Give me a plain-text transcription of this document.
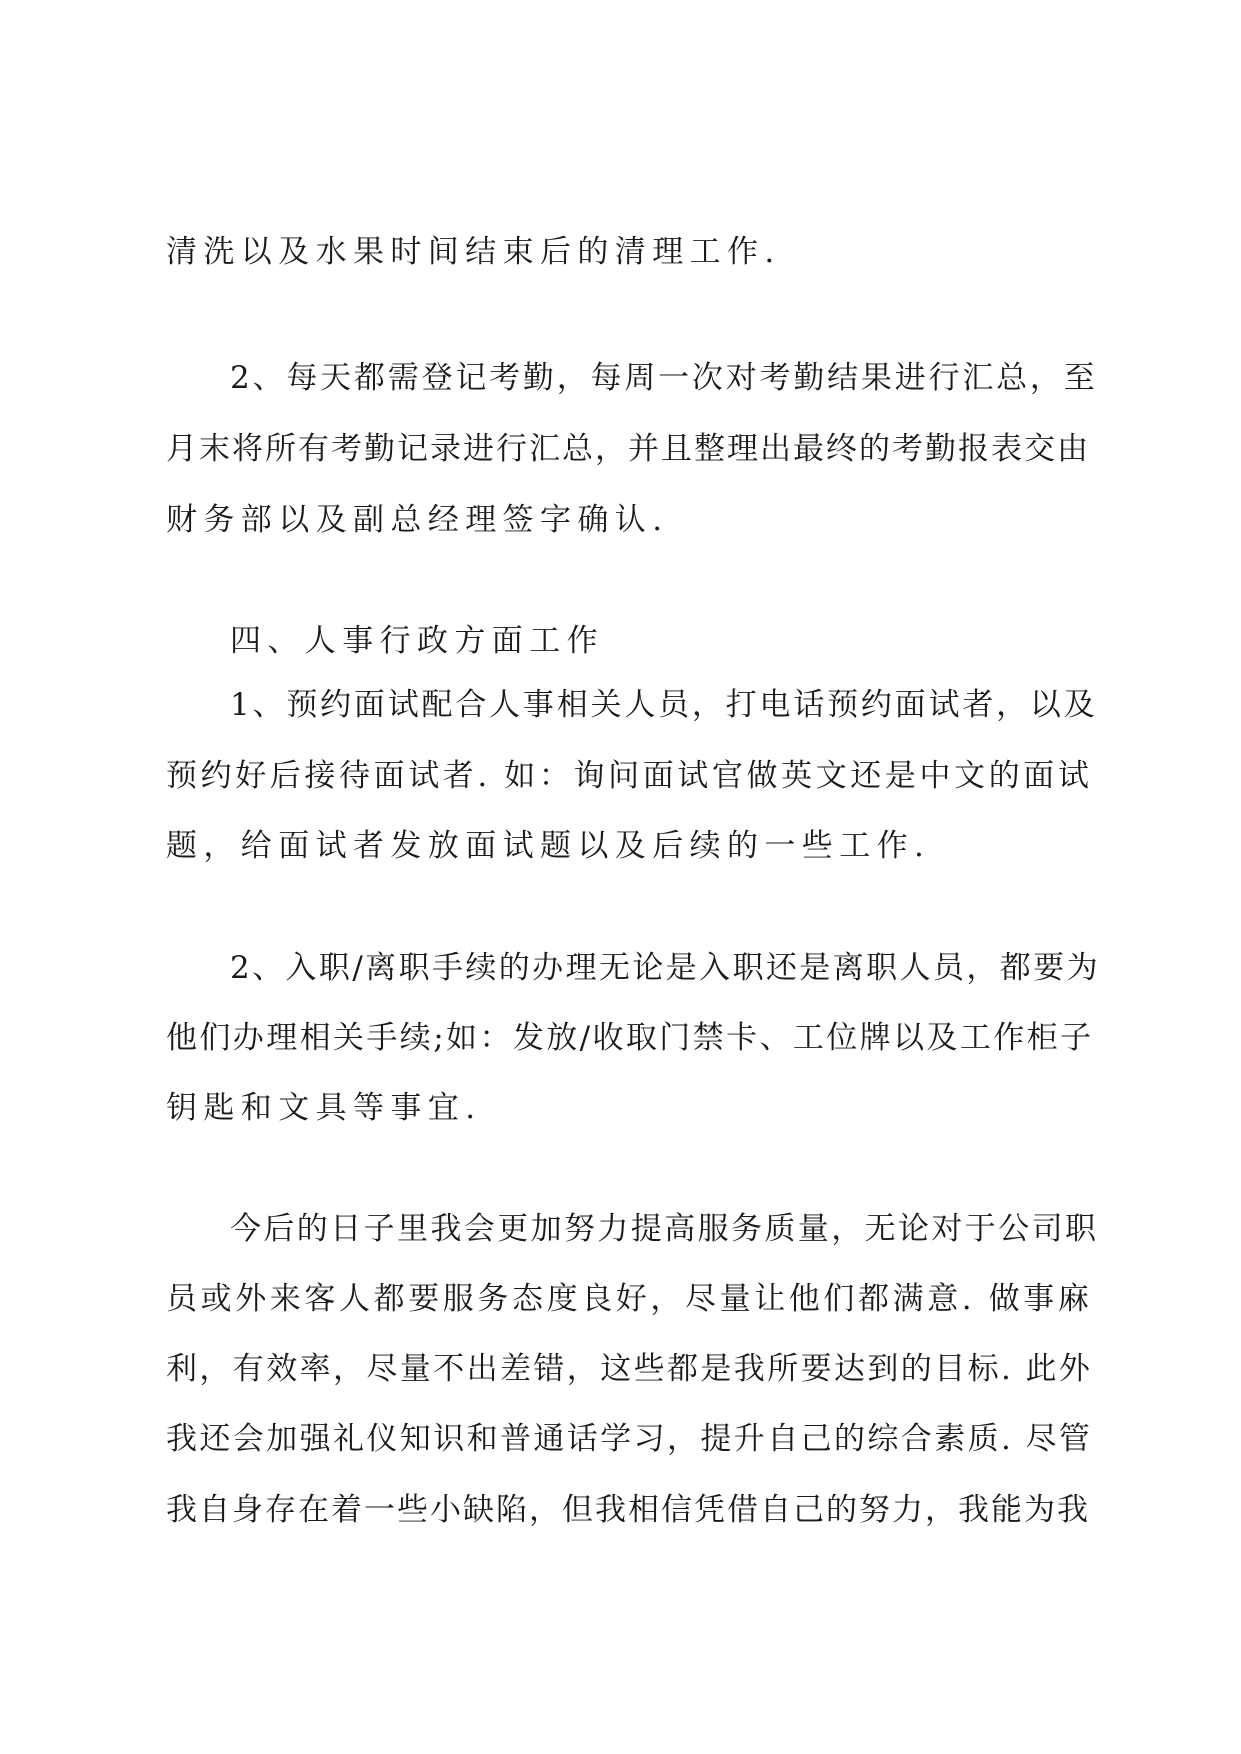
清洗以及水果时间结束后的清理工作.
2、每天都需登记考勤，每周一次对考勤结果进行汇总，至
月末将所有考勤记录进行汇总，并且整理出最终的考勤报表交由
财务部以及副总经理签字确认.
四、人事行政方面工作
1、预约面试配合人事相关人员，打电话预约面试者，以及
预约好后接待面试者. 如：询问面试官做英文还是中文的面试
题，给面试者发放面试题以及后续的一些工作.
2、入职/离职手续的办理无论是入职还是离职人员，都要为
他们办理相关手续;如：发放/收取门禁卡、工位牌以及工作柜子
钥匙和文具等事宜.
今后的日子里我会更加努力提高服务质量，无论对于公司职
员或外来客人都要服务态度良好，尽量让他们都满意. 做事麻
利，有效率，尽量不出差错，这些都是我所要达到的目标. 此外
我还会加强礼仪知识和普通话学习，提升自己的综合素质. 尽管
我自身存在着一些小缺陷，但我相信凭借自己的努力，我能为我
